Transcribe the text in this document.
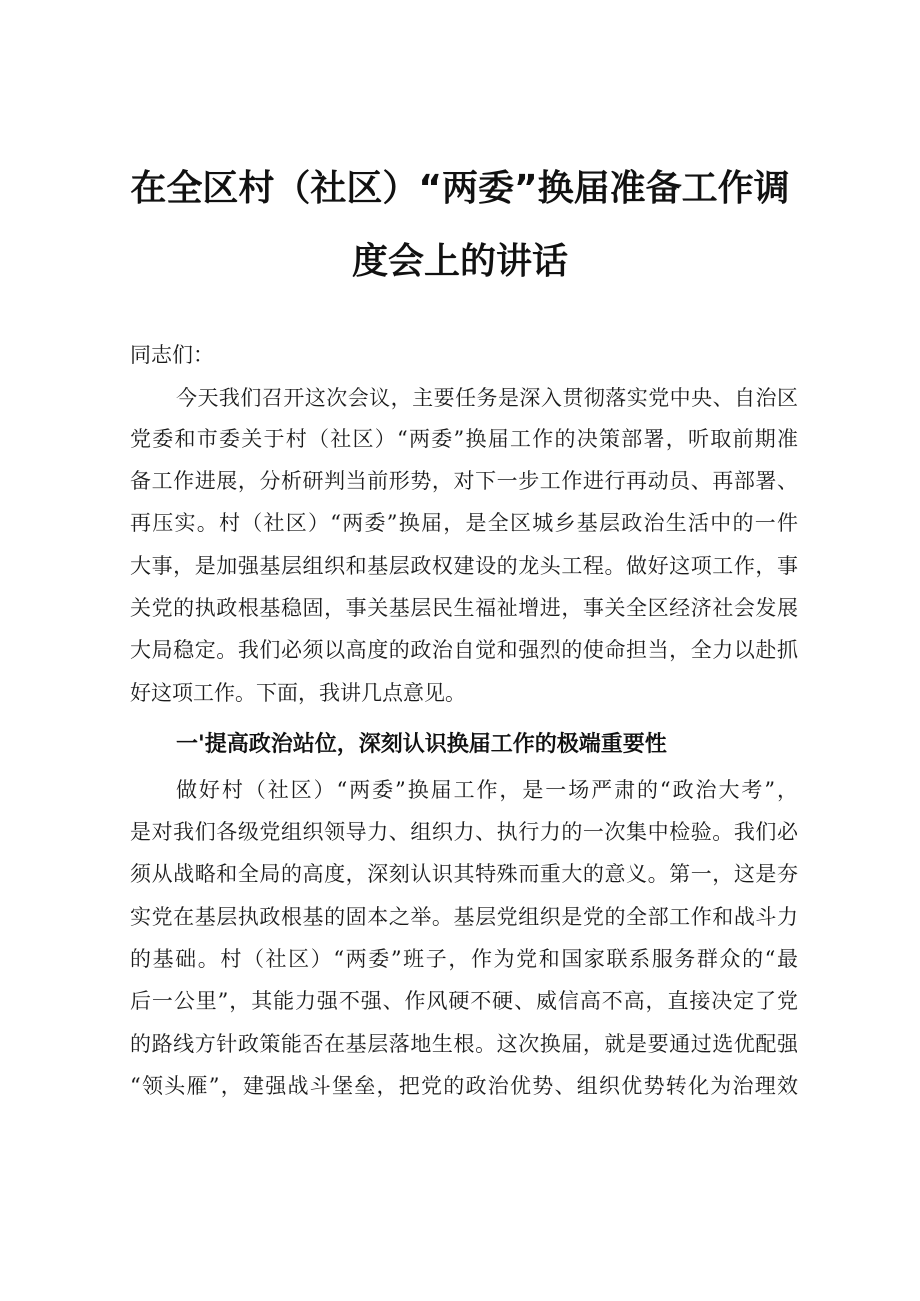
在全区村（社区）“两委”换届准备工作调
度会上的讲话
同志们：
今天我们召开这次会议，主要任务是深入贯彻落实党中央、自治区
党委和市委关于村（社区）“两委”换届工作的决策部署，听取前期准
备工作进展，分析研判当前形势，对下一步工作进行再动员、再部署、
再压实。村（社区）“两委”换届，是全区城乡基层政治生活中的一件
大事，是加强基层组织和基层政权建设的龙头工程。做好这项工作，事
关党的执政根基稳固，事关基层民生福祉增进，事关全区经济社会发展
大局稳定。我们必须以高度的政治自觉和强烈的使命担当，全力以赴抓
好这项工作。下面，我讲几点意见。
一'提高政治站位，深刻认识换届工作的极端重要性
做好村（社区）“两委”换届工作，是一场严肃的“政治大考”，
是对我们各级党组织领导力、组织力、执行力的一次集中检验。我们必
须从战略和全局的高度，深刻认识其特殊而重大的意义。第一，这是夯
实党在基层执政根基的固本之举。基层党组织是党的全部工作和战斗力
的基础。村（社区）“两委”班子，作为党和国家联系服务群众的“最
后一公里”，其能力强不强、作风硬不硬、威信高不高，直接决定了党
的路线方针政策能否在基层落地生根。这次换届，就是要通过选优配强
“领头雁”，建强战斗堡垒，把党的政治优势、组织优势转化为治理效
